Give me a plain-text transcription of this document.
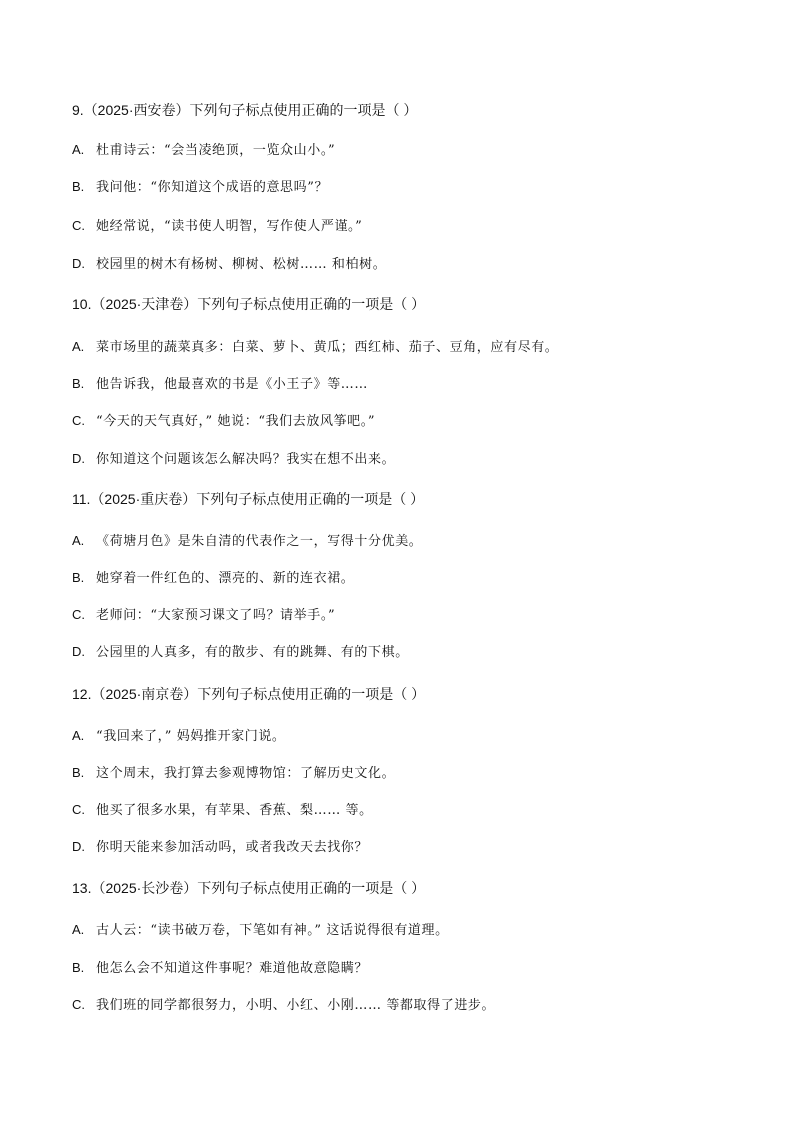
9.（2025·西安卷）下列句子标点使用正确的一项是（ ）
A. 杜甫诗云：“会当凌绝顶，一览众山小。”
B. 我问他：“你知道这个成语的意思吗”？
C. 她经常说，“读书使人明智，写作使人严谨。”
D. 校园里的树木有杨树、柳树、松树…… 和柏树。
10.（2025·天津卷）下列句子标点使用正确的一项是（ ）
A. 菜市场里的蔬菜真多：白菜、萝卜、黄瓜；西红柿、茄子、豆角，应有尽有。
B. 他告诉我，他最喜欢的书是《小王子》等……
C. “今天的天气真好，” 她说：“我们去放风筝吧。”
D. 你知道这个问题该怎么解决吗？我实在想不出来。
11.（2025·重庆卷）下列句子标点使用正确的一项是（ ）
A. 《荷塘月色》是朱自清的代表作之一，写得十分优美。
B. 她穿着一件红色的、漂亮的、新的连衣裙。
C. 老师问：“大家预习课文了吗？请举手。”
D. 公园里的人真多，有的散步、有的跳舞、有的下棋。
12.（2025·南京卷）下列句子标点使用正确的一项是（ ）
A. “我回来了，” 妈妈推开家门说。
B. 这个周末，我打算去参观博物馆：了解历史文化。
C. 他买了很多水果，有苹果、香蕉、梨…… 等。
D. 你明天能来参加活动吗，或者我改天去找你？
13.（2025·长沙卷）下列句子标点使用正确的一项是（ ）
A. 古人云：“读书破万卷，下笔如有神。” 这话说得很有道理。
B. 他怎么会不知道这件事呢？难道他故意隐瞒？
C. 我们班的同学都很努力，小明、小红、小刚…… 等都取得了进步。
